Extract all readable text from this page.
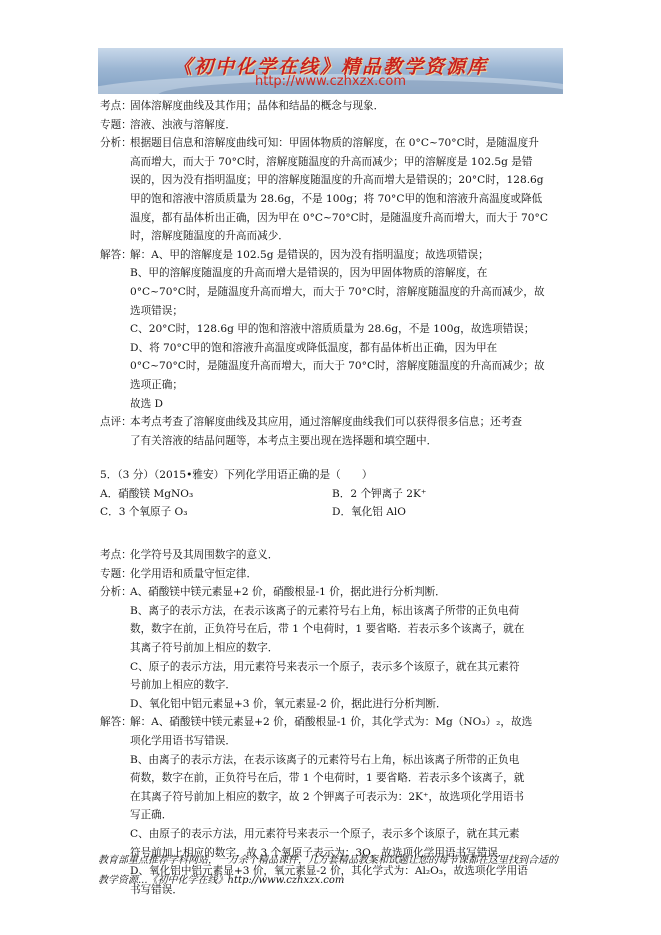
《初中化学在线》精品教学资源库
http://www.czhxzx.com
考点：
固体溶解度曲线及其作用；晶体和结晶的概念与现象．
专题：
溶液、浊液与溶解度．
分析：
根据题目信息和溶解度曲线可知：甲固体物质的溶解度，在 0°C~70°C时，是随温度升
高而增大，而大于 70°C时，溶解度随温度的升高而减少；甲的溶解度是 102.5g 是错
误的，因为没有指明温度；甲的溶解度随温度的升高而增大是错误的；20°C时，128.6g
甲的饱和溶液中溶质质量为 28.6g，不是 100g；将 70°C甲的饱和溶液升高温度或降低
温度，都有晶体析出正确，因为甲在 0°C~70°C时，是随温度升高而增大，而大于 70°C
时，溶解度随温度的升高而减少．
解答：
解：A、甲的溶解度是 102.5g 是错误的，因为没有指明温度；故选项错误；
B、甲的溶解度随温度的升高而增大是错误的，因为甲固体物质的溶解度，在
0°C~70°C时，是随温度升高而增大，而大于 70°C时，溶解度随温度的升高而减少，故
选项错误；
C、20°C时，128.6g 甲的饱和溶液中溶质质量为 28.6g，不是 100g，故选项错误；
D、将 70°C甲的饱和溶液升高温度或降低温度，都有晶体析出正确，因为甲在
0°C~70°C时，是随温度升高而增大，而大于 70°C时，溶解度随温度的升高而减少；故
选项正确；
故选 D
点评：
本考点考查了溶解度曲线及其应用，通过溶解度曲线我们可以获得很多信息；还考查
了有关溶液的结晶问题等，本考点主要出现在选择题和填空题中．
5．（3 分）（2015•雅安）下列化学用语正确的是（　　）
A．硝酸镁 MgNO₃	B．2 个钾离子 2K⁺
C．3 个氧原子 O₃	D．氧化铝 AlO
考点：
化学符号及其周围数字的意义．
专题：
化学用语和质量守恒定律．
分析：
A、硝酸镁中镁元素显+2 价，硝酸根显-1 价，据此进行分析判断．
B、离子的表示方法，在表示该离子的元素符号右上角，标出该离子所带的正负电荷
数，数字在前，正负符号在后，带 1 个电荷时，1 要省略．若表示多个该离子，就在
其离子符号前加上相应的数字．
C、原子的表示方法，用元素符号来表示一个原子，表示多个该原子，就在其元素符
号前加上相应的数字．
D、氧化铝中铝元素显+3 价，氧元素显-2 价，据此进行分析判断．
解答：
解：A、硝酸镁中镁元素显+2 价，硝酸根显-1 价，其化学式为：Mg（NO₃）₂，故选
项化学用语书写错误．
B、由离子的表示方法，在表示该离子的元素符号右上角，标出该离子所带的正负电
荷数，数字在前，正负符号在后，带 1 个电荷时，1 要省略．若表示多个该离子，就
在其离子符号前加上相应的数字，故 2 个钾离子可表示为：2K⁺，故选项化学用语书
写正确．
C、由原子的表示方法，用元素符号来表示一个原子，表示多个该原子，就在其元素
符号前加上相应的数字，故 3 个氧原子表示为：3O，故选项化学用语书写错误．
D、氧化铝中铝元素显+3 价，氧元素显-2 价，其化学式为：Al₂O₃，故选项化学用语
书写错误．
教育部重点推荐学科网站，一万余个精品课件，几万套精品教案和试题让您的每节课都在这里找到合适的
教学资源...《初中化学在线》http://www.czhxzx.com
